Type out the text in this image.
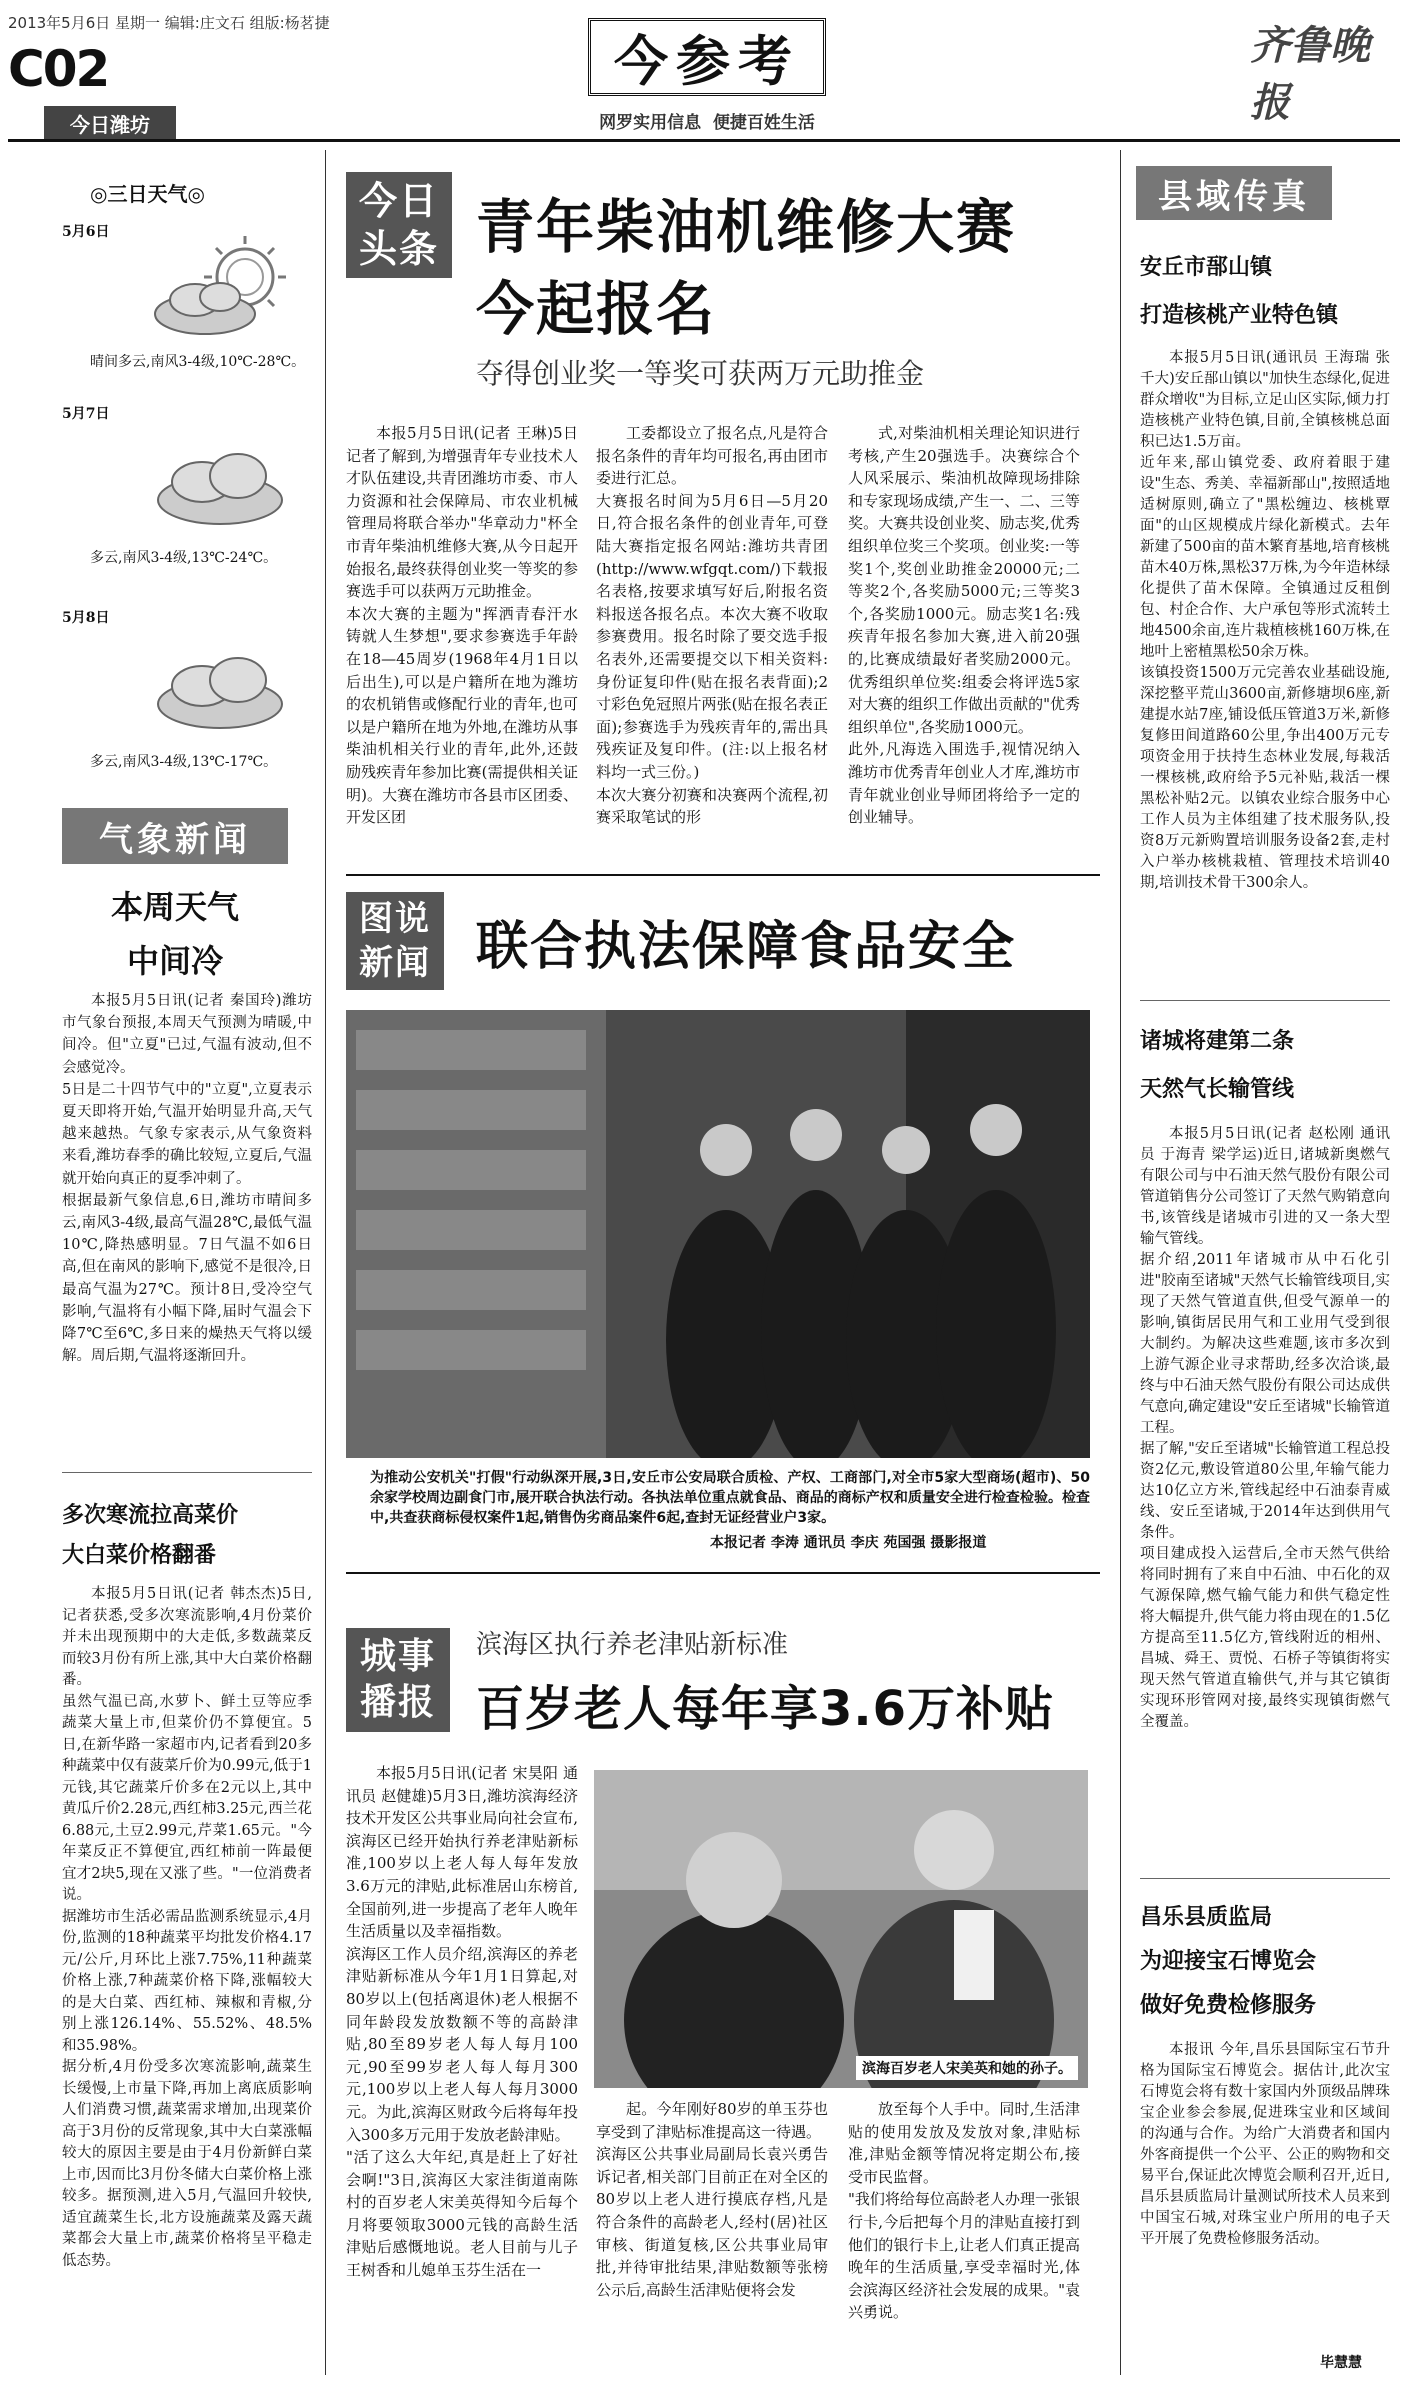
2013年5月6日 星期一 编辑:庄文石 组版:杨茗捷
C02
今日潍坊
今参考
网罗实用信息  便捷百姓生活
齐鲁晚报
◎三日天气◎
5月6日
晴间多云,南风3-4级,10℃-28℃。
5月7日
多云,南风3-4级,13℃-24℃。
5月8日
多云,南风3-4级,13℃-17℃。
气象新闻
本周天气
中间冷
本报5月5日讯(记者 秦国玲)潍坊市气象台预报,本周天气预测为晴暖,中间冷。但"立夏"已过,气温有波动,但不会感觉冷。
5日是二十四节气中的"立夏",立夏表示夏天即将开始,气温开始明显升高,天气越来越热。气象专家表示,从气象资料来看,潍坊春季的确比较短,立夏后,气温就开始向真正的夏季冲刺了。
根据最新气象信息,6日,潍坊市晴间多云,南风3-4级,最高气温28℃,最低气温10℃,降热感明显。7日气温不如6日高,但在南风的影响下,感觉不是很冷,日最高气温为27℃。预计8日,受冷空气影响,气温将有小幅下降,届时气温会下降7℃至6℃,多日来的燥热天气将以缓解。周后期,气温将逐渐回升。
多次寒流拉高菜价
大白菜价格翻番
本报5月5日讯(记者 韩杰杰)5日,记者获悉,受多次寒流影响,4月份菜价并未出现预期中的大走低,多数蔬菜反而较3月份有所上涨,其中大白菜价格翻番。
虽然气温已高,水萝卜、鲜土豆等应季蔬菜大量上市,但菜价仍不算便宜。5日,在新华路一家超市内,记者看到20多种蔬菜中仅有菠菜斤价为0.99元,低于1元钱,其它蔬菜斤价多在2元以上,其中黄瓜斤价2.28元,西红柿3.25元,西兰花6.88元,土豆2.99元,芹菜1.65元。"今年菜反正不算便宜,西红柿前一阵最便宜才2块5,现在又涨了些。"一位消费者说。
据潍坊市生活必需品监测系统显示,4月份,监测的18种蔬菜平均批发价格4.17元/公斤,月环比上涨7.75%,11种蔬菜价格上涨,7种蔬菜价格下降,涨幅较大的是大白菜、西红柿、辣椒和青椒,分别上涨126.14%、55.52%、48.5%和35.98%。
据分析,4月份受多次寒流影响,蔬菜生长缓慢,上市量下降,再加上离底质影响人们消费习惯,蔬菜需求增加,出现菜价高于3月份的反常现象,其中大白菜涨幅较大的原因主要是由于4月份新鲜白菜上市,因而比3月份冬储大白菜价格上涨较多。据预测,进入5月,气温回升较快,适宜蔬菜生长,北方设施蔬菜及露天蔬菜都会大量上市,蔬菜价格将呈平稳走低态势。
今日
头条 青年柴油机维修大赛
今起报名
夺得创业奖一等奖可获两万元助推金
本报5月5日讯(记者 王琳)5日记者了解到,为增强青年专业技术人才队伍建设,共青团潍坊市委、市人力资源和社会保障局、市农业机械管理局将联合举办"华章动力"杯全市青年柴油机维修大赛,从今日起开始报名,最终获得创业奖一等奖的参赛选手可以获两万元助推金。
本次大赛的主题为"挥洒青春汗水 铸就人生梦想",要求参赛选手年龄在18—45周岁(1968年4月1日以后出生),可以是户籍所在地为潍坊的农机销售或修配行业的青年,也可以是户籍所在地为外地,在潍坊从事柴油机相关行业的青年,此外,还鼓励残疾青年参加比赛(需提供相关证明)。大赛在潍坊市各县市区团委、开发区团
工委都设立了报名点,凡是符合报名条件的青年均可报名,再由团市委进行汇总。
大赛报名时间为5月6日—5月20日,符合报名条件的创业青年,可登陆大赛指定报名网站:潍坊共青团(http://www.wfgqt.com/)下载报名表格,按要求填写好后,附报名资料报送各报名点。本次大赛不收取参赛费用。报名时除了要交选手报名表外,还需要提交以下相关资料:身份证复印件(贴在报名表背面);2寸彩色免冠照片两张(贴在报名表正面);参赛选手为残疾青年的,需出具残疾证及复印件。(注:以上报名材料均一式三份。)
本次大赛分初赛和决赛两个流程,初赛采取笔试的形
式,对柴油机相关理论知识进行考核,产生20强选手。决赛综合个人风采展示、柴油机故障现场排除和专家现场成绩,产生一、二、三等奖。大赛共设创业奖、励志奖,优秀组织单位奖三个奖项。创业奖:一等奖1个,奖创业助推金20000元;二等奖2个,各奖励5000元;三等奖3个,各奖励1000元。励志奖1名:残疾青年报名参加大赛,进入前20强的,比赛成绩最好者奖励2000元。优秀组织单位奖:组委会将评选5家对大赛的组织工作做出贡献的"优秀组织单位",各奖励1000元。
此外,凡海选入围选手,视情况纳入潍坊市优秀青年创业人才库,潍坊市青年就业创业导师团将给予一定的创业辅导。
图说
新闻 联合执法保障食品安全
为推动公安机关"打假"行动纵深开展,3日,安丘市公安局联合质检、产权、工商部门,对全市5家大型商场(超市)、50余家学校周边副食门市,展开联合执法行动。各执法单位重点就食品、商品的商标产权和质量安全进行检查检验。检查中,共查获商标侵权案件1起,销售伪劣商品案件6起,查封无证经营业户3家。
本报记者 李涛 通讯员 李庆 苑国强 摄影报道
城事
播报
滨海区执行养老津贴新标准
百岁老人每年享3.6万补贴
本报5月5日讯(记者 宋昊阳 通讯员 赵健雄)5月3日,潍坊滨海经济技术开发区公共事业局向社会宣布,滨海区已经开始执行养老津贴新标准,100岁以上老人每人每年发放3.6万元的津贴,此标准居山东榜首,全国前列,进一步提高了老年人晚年生活质量以及幸福指数。
滨海区工作人员介绍,滨海区的养老津贴新标准从今年1月1日算起,对80岁以上(包括离退休)老人根据不同年龄段发放数额不等的高龄津贴,80至89岁老人每人每月100元,90至99岁老人每人每月300元,100岁以上老人每人每月3000元。为此,滨海区财政今后将每年投入300多万元用于发放老龄津贴。
"活了这么大年纪,真是赶上了好社会啊!"3日,滨海区大家洼街道南陈村的百岁老人宋美英得知今后每个月将要领取3000元钱的高龄生活津贴后感慨地说。老人目前与儿子王树香和儿媳单玉芬生活在一
滨海百岁老人宋美英和她的孙子。
起。今年刚好80岁的单玉芬也享受到了津贴标准提高这一待遇。
滨海区公共事业局副局长袁兴勇告诉记者,相关部门目前正在对全区的80岁以上老人进行摸底存档,凡是符合条件的高龄老人,经村(居)社区审核、街道复核,区公共事业局审批,并待审批结果,津贴数额等张榜公示后,高龄生活津贴便将会发
放至每个人手中。同时,生活津贴的使用发放及发放对象,津贴标准,津贴金额等情况将定期公布,接受市民监督。
"我们将给每位高龄老人办理一张银行卡,今后把每个月的津贴直接打到他们的银行卡上,让老人们真正提高晚年的生活质量,享受幸福时光,体会滨海区经济社会发展的成果。"袁兴勇说。
县域传真
安丘市郚山镇
打造核桃产业特色镇
本报5月5日讯(通讯员 王海瑞 张千大)安丘郚山镇以"加快生态绿化,促进群众增收"为目标,立足山区实际,倾力打造核桃产业特色镇,目前,全镇核桃总面积已达1.5万亩。
近年来,郚山镇党委、政府着眼于建设"生态、秀美、幸福新郚山",按照适地适树原则,确立了"黑松缠边、核桃覃面"的山区规模成片绿化新模式。去年新建了500亩的苗木繁育基地,培育核桃苗木40万株,黑松37万株,为今年造林绿化提供了苗木保障。全镇通过反租倒包、村企合作、大户承包等形式流转土地4500余亩,连片栽植核桃160万株,在地叶上密植黑松50余万株。
该镇投资1500万元完善农业基础设施,深挖整平荒山3600亩,新修塘坝6座,新建提水站7座,铺设低压管道3万米,新修复修田间道路60公里,争出400万元专项资金用于扶持生态林业发展,每栽活一棵核桃,政府给予5元补贴,栽活一棵黑松补贴2元。以镇农业综合服务中心工作人员为主体组建了技术服务队,投资8万元新购置培训服务设备2套,走村入户举办核桃栽植、管理技术培训40期,培训技术骨干300余人。
诸城将建第二条
天然气长输管线
本报5月5日讯(记者 赵松刚 通讯员 于海青 梁学运)近日,诸城新奥燃气有限公司与中石油天然气股份有限公司管道销售分公司签订了天然气购销意向书,该管线是诸城市引进的又一条大型输气管线。
据介绍,2011年诸城市从中石化引进"胶南至诸城"天然气长输管线项目,实现了天然气管道直供,但受气源单一的影响,镇街居民用气和工业用气受到很大制约。为解决这些难题,该市多次到上游气源企业寻求帮助,经多次洽谈,最终与中石油天然气股份有限公司达成供气意向,确定建设"安丘至诸城"长输管道工程。
据了解,"安丘至诸城"长输管道工程总投资2亿元,敷设管道80公里,年输气能力达10亿立方米,管线起经中石油泰青威线、安丘至诸城,于2014年达到供用气条件。
项目建成投入运营后,全市天然气供给将同时拥有了来自中石油、中石化的双气源保障,燃气输气能力和供气稳定性将大幅提升,供气能力将由现在的1.5亿方提高至11.5亿方,管线附近的相州、昌城、舜王、贾悦、石桥子等镇街将实现天然气管道直输供气,并与其它镇街实现环形管网对接,最终实现镇街燃气全覆盖。
昌乐县质监局
为迎接宝石博览会
做好免费检修服务
本报讯 今年,昌乐县国际宝石节升格为国际宝石博览会。据估计,此次宝石博览会将有数十家国内外顶级品牌珠宝企业参会参展,促进珠宝业和区域间的沟通与合作。为给广大消费者和国内外客商提供一个公平、公正的购物和交易平台,保证此次博览会顺利召开,近日,昌乐县质监局计量测试所技术人员来到中国宝石城,对珠宝业户所用的电子天平开展了免费检修服务活动。
毕慧慧
